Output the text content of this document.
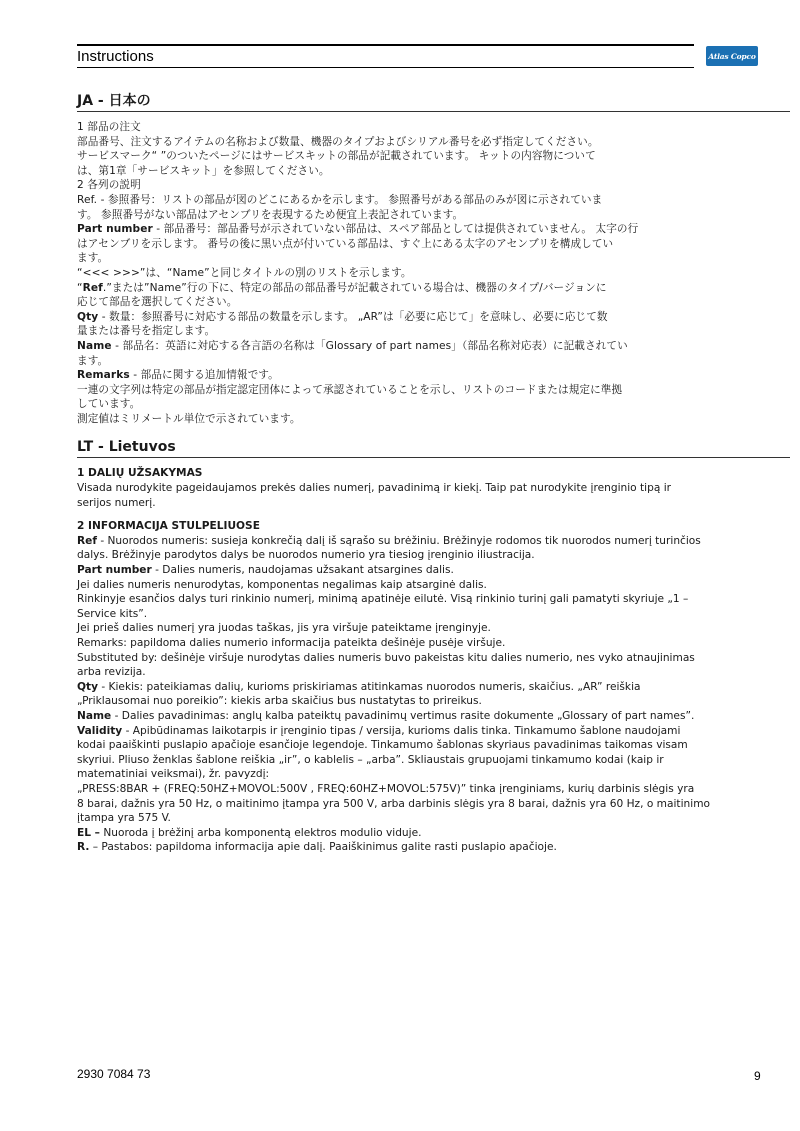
Instructions	Atlas Copco
JA - 日本の

1 部品の注文

部品番号、注文するアイテムの名称および数量、機器のタイプおよびシリアル番号を必ず指定してください。

サービスマーク“ ”のついたページにはサービスキットの部品が記載されています。 キットの内容物について

は、第1章「サービスキット」を参照してください。

2 各列の説明

Ref. - 参照番号：リストの部品が図のどこにあるかを示します。 参照番号がある部品のみが図に示されていま

す。 参照番号がない部品はアセンブリを表現するため便宜上表記されています。

Part number - 部品番号：部品番号が示されていない部品は、スペア部品としては提供されていません。 太字の行

はアセンブリを示します。 番号の後に黒い点が付いている部品は、すぐ上にある太字のアセンブリを構成してい

ます。

“<<< >>>”は、“Name”と同じタイトルの別のリストを示します。

“Ref.”または”Name”行の下に、特定の部品の部品番号が記載されている場合は、機器のタイプ/バージョンに

応じて部品を選択してください。

Qty - 数量：参照番号に対応する部品の数量を示します。 „AR”は「必要に応じて」を意味し、必要に応じて数

量または番号を指定します。

Name - 部品名：英語に対応する各言語の名称は「Glossary of part names」（部品名称対応表）に記載されてい

ます。

Remarks - 部品に関する追加情報です。

一連の文字列は特定の部品が指定認定団体によって承認されていることを示し、リストのコードまたは規定に準拠

しています。

測定値はミリメートル単位で示されています。

LT - Lietuvos

1 DALIŲ UŽSAKYMAS

Visada nurodykite pageidaujamos prekės dalies numerį, pavadinimą ir kiekį. Taip pat nurodykite įrenginio tipą ir

serijos numerį.

2 INFORMACIJA STULPELIUOSE

Ref - Nuorodos numeris: susieja konkrečią dalį iš sąrašo su brėžiniu. Brėžinyje rodomos tik nuorodos numerį turinčios

dalys. Brėžinyje parodytos dalys be nuorodos numerio yra tiesiog įrenginio iliustracija.

Part number - Dalies numeris, naudojamas užsakant atsargines dalis.

Jei dalies numeris nenurodytas, komponentas negalimas kaip atsarginė dalis.

Rinkinyje esančios dalys turi rinkinio numerį, minimą apatinėje eilutė. Visą rinkinio turinį gali pamatyti skyriuje „1 –

Service kits”.

Jei prieš dalies numerį yra juodas taškas, jis yra viršuje pateiktame įrenginyje.

Remarks: papildoma dalies numerio informacija pateikta dešinėje pusėje viršuje.

Substituted by: dešinėje viršuje nurodytas dalies numeris buvo pakeistas kitu dalies numerio, nes vyko atnaujinimas

arba revizija.

Qty - Kiekis: pateikiamas dalių, kurioms priskiriamas atitinkamas nuorodos numeris, skaičius. „AR” reiškia

„Priklausomai nuo poreikio”: kiekis arba skaičius bus nustatytas to prireikus.

Name - Dalies pavadinimas: anglų kalba pateiktų pavadinimų vertimus rasite dokumente „Glossary of part names”.

Validity - Apibūdinamas laikotarpis ir įrenginio tipas / versija, kurioms dalis tinka. Tinkamumo šablone naudojami

kodai paaiškinti puslapio apačioje esančioje legendoje. Tinkamumo šablonas skyriaus pavadinimas taikomas visam

skyriui. Pliuso ženklas šablone reiškia „ir”, o kablelis – „arba”. Skliaustais grupuojami tinkamumo kodai (kaip ir

matematiniai veiksmai), žr. pavyzdį:

„PRESS:8BAR + (FREQ:50HZ+MOVOL:500V , FREQ:60HZ+MOVOL:575V)” tinka įrenginiams, kurių darbinis slėgis yra

8 barai, dažnis yra 50 Hz, o maitinimo įtampa yra 500 V, arba darbinis slėgis yra 8 barai, dažnis yra 60 Hz, o maitinimo

įtampa yra 575 V.

EL – Nuoroda į brėžinį arba komponentą elektros modulio viduje.

R. – Pastabos: papildoma informacija apie dalį. Paaiškinimus galite rasti puslapio apačioje.

2930 7084 73	9
